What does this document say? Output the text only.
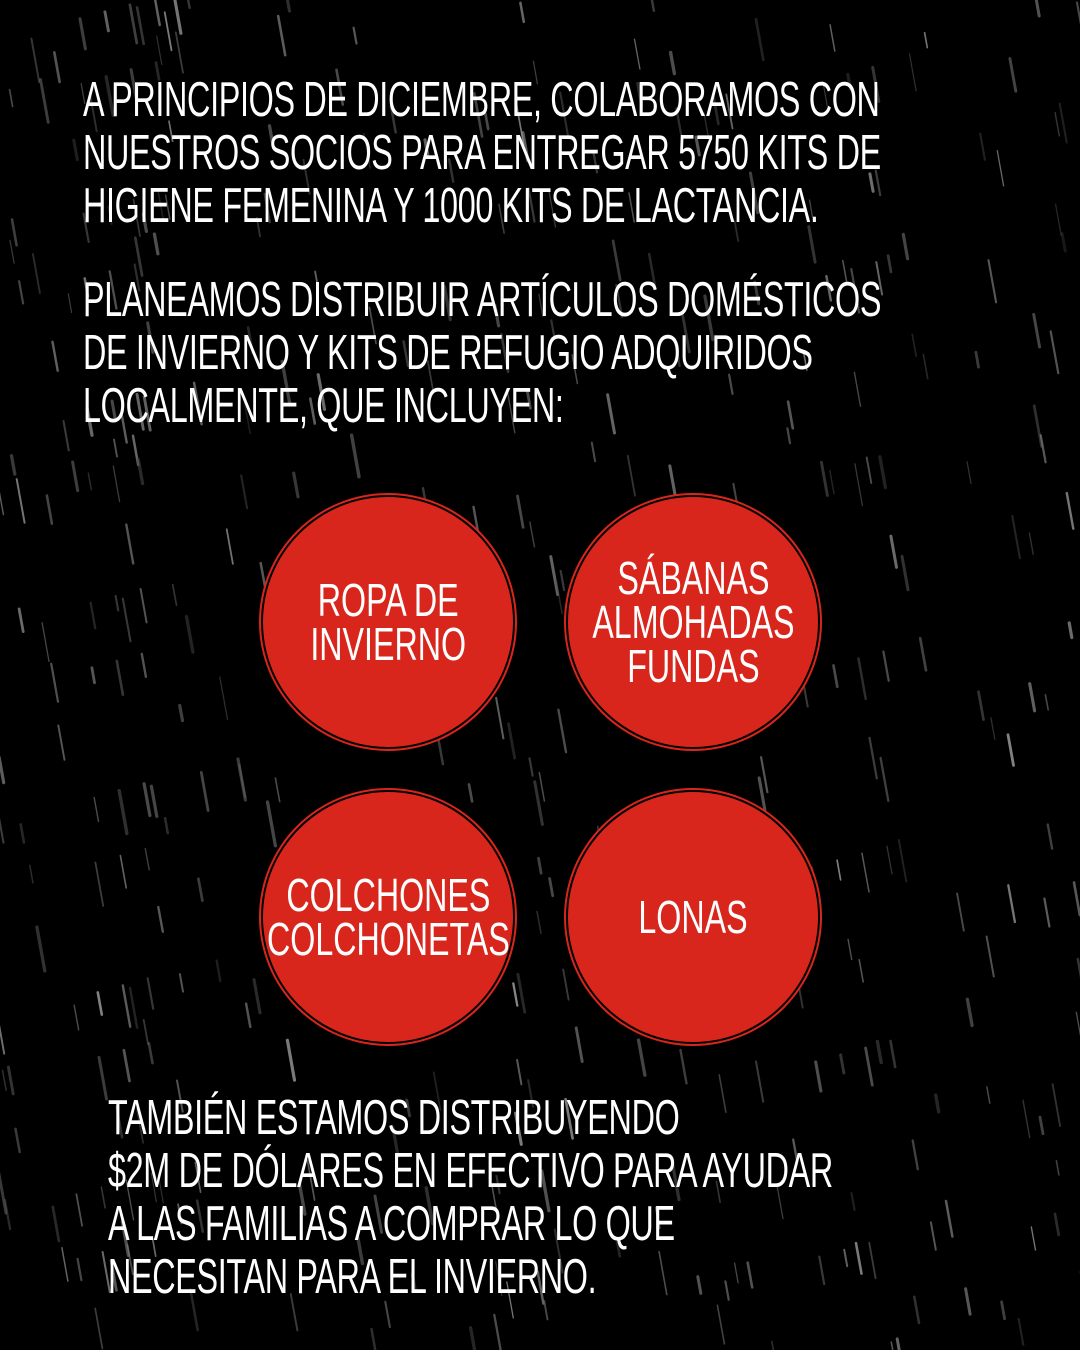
A PRINCIPIOS DE DICIEMBRE, COLABORAMOS CON
NUESTROS SOCIOS PARA ENTREGAR 5750 KITS DE
HIGIENE FEMENINA Y 1000 KITS DE LACTANCIA.
PLANEAMOS DISTRIBUIR ARTÍCULOS DOMÉSTICOS
DE INVIERNO Y KITS DE REFUGIO ADQUIRIDOS
LOCALMENTE, QUE INCLUYEN:
ROPA DE
INVIERNO
SÁBANAS
ALMOHADAS
FUNDAS
COLCHONES
COLCHONETAS	LONAS
TAMBIÉN ESTAMOS DISTRIBUYENDO
$2M DE DÓLARES EN EFECTIVO PARA AYUDAR
A LAS FAMILIAS A COMPRAR LO QUE
NECESITAN PARA EL INVIERNO.
